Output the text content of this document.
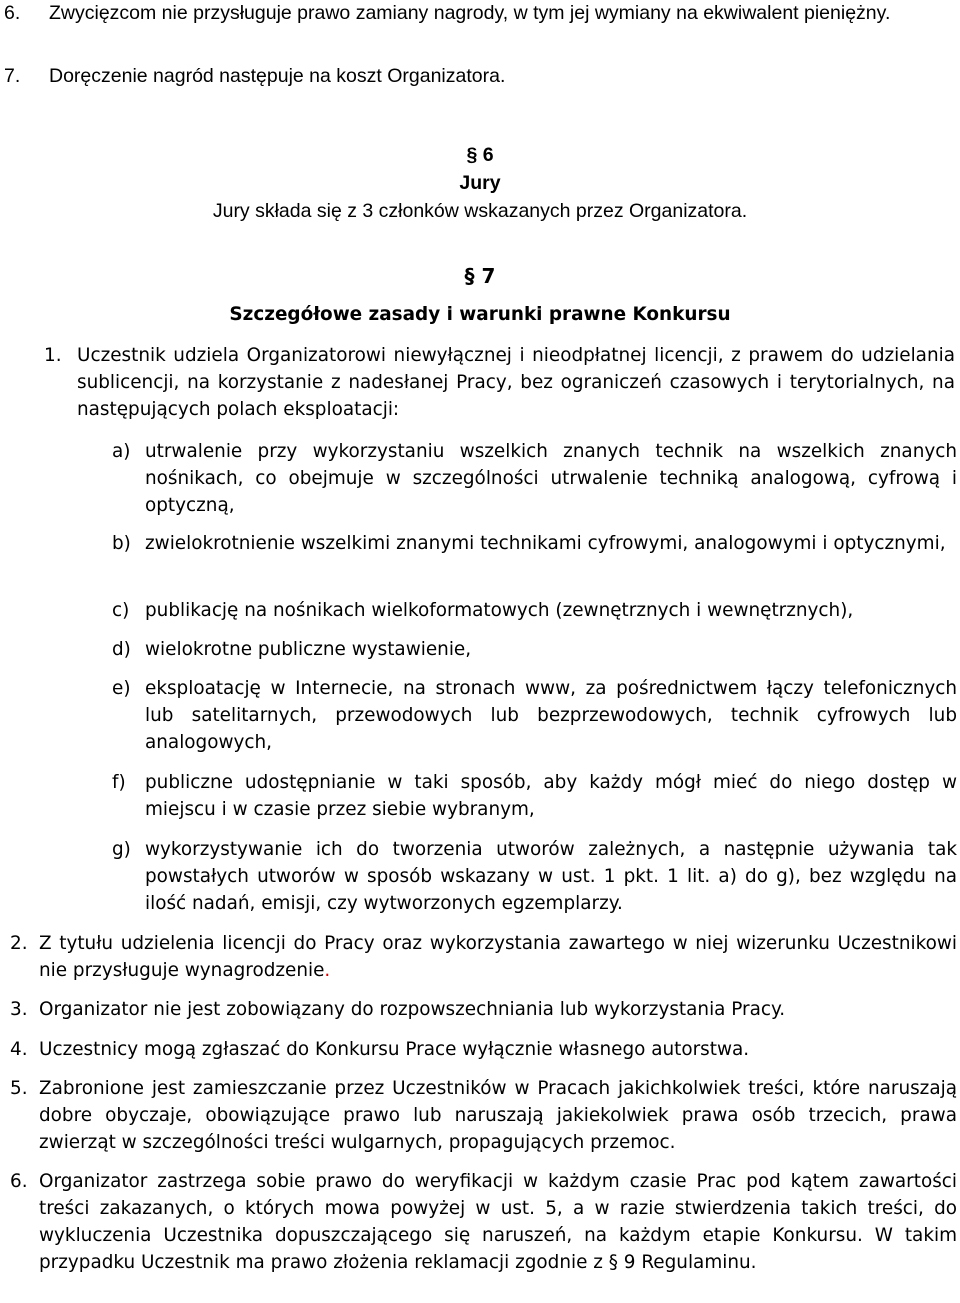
6. Zwycięzcom nie przysługuje prawo zamiany nagrody, w tym jej wymiany na ekwiwalent pieniężny.
7. Doręczenie nagród następuje na koszt Organizatora.
§ 6
Jury
Jury składa się z 3 członków wskazanych przez Organizatora.
§ 7
Szczegółowe zasady i warunki prawne Konkursu
1. Uczestnik udziela Organizatorowi niewyłącznej i nieodpłatnej licencji, z prawem do udzielania sublicencji, na korzystanie z nadesłanej Pracy, bez ograniczeń czasowych i terytorialnych, na następujących polach eksploatacji:
a) utrwalenie przy wykorzystaniu wszelkich znanych technik na wszelkich znanych nośnikach, co obejmuje w szczególności utrwalenie techniką analogową, cyfrową i optyczną,
b) zwielokrotnienie wszelkimi znanymi technikami cyfrowymi, analogowymi i optycznymi,
c) publikację na nośnikach wielkoformatowych (zewnętrznych i wewnętrznych),
d) wielokrotne publiczne wystawienie,
e) eksploatację w Internecie, na stronach www, za pośrednictwem łączy telefonicznych lub satelitarnych, przewodowych lub bezprzewodowych, technik cyfrowych lub analogowych,
f) publiczne udostępnianie w taki sposób, aby każdy mógł mieć do niego dostęp w miejscu i w czasie przez siebie wybranym,
g) wykorzystywanie ich do tworzenia utworów zależnych, a następnie używania tak powstałych utworów w sposób wskazany w ust. 1 pkt. 1 lit. a) do g), bez względu na ilość nadań, emisji, czy wytworzonych egzemplarzy.
2. Z tytułu udzielenia licencji do Pracy oraz wykorzystania zawartego w niej wizerunku Uczestnikowi nie przysługuje wynagrodzenie.
3. Organizator nie jest zobowiązany do rozpowszechniania lub wykorzystania Pracy.
4. Uczestnicy mogą zgłaszać do Konkursu Prace wyłącznie własnego autorstwa.
5. Zabronione jest zamieszczanie przez Uczestników w Pracach jakichkolwiek treści, które naruszają dobre obyczaje, obowiązujące prawo lub naruszają jakiekolwiek prawa osób trzecich, prawa zwierząt w szczególności treści wulgarnych, propagujących przemoc.
6. Organizator zastrzega sobie prawo do weryfikacji w każdym czasie Prac pod kątem zawartości treści zakazanych, o których mowa powyżej w ust. 5, a w razie stwierdzenia takich treści, do wykluczenia Uczestnika dopuszczającego się naruszeń, na każdym etapie Konkursu. W takim przypadku Uczestnik ma prawo złożenia reklamacji zgodnie z § 9 Regulaminu.
